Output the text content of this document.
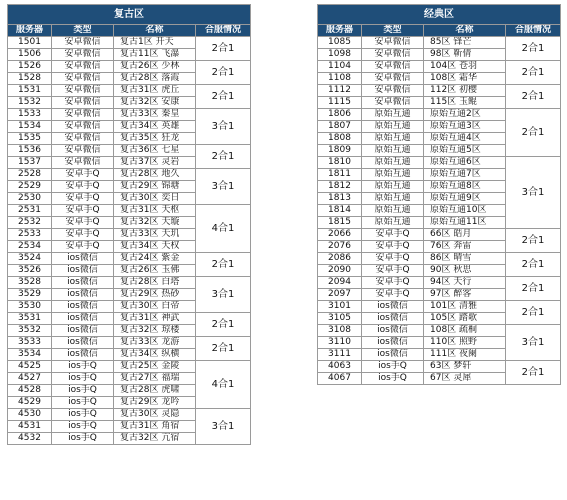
复古区			
服务器	类型	名称	合服情况
1501	安卓微信	复古1区 开天	2合1
1506	安卓微信	复古11区 飞瀑	
1526	安卓微信	复古26区 少林	2合1
1528	安卓微信	复古28区 落霞	
1531	安卓微信	复古31区 虎丘	2合1
1532	安卓微信	复古32区 安康	
1533	安卓微信	复古33区 秦皇	3合1
1534	安卓微信	复古34区 英雄	
1535	安卓微信	复古35区 狂龙	
1536	安卓微信	复古36区 七星	2合1
1537	安卓微信	复古37区 灵岩	
2528	安卓手Q	复古28区 地久	3合1
2529	安卓手Q	复古29区 锦塘	
2530	安卓手Q	复古30区 奕日	
2531	安卓手Q	复古31区 天枢	4合1
2532	安卓手Q	复古32区 天璇	
2533	安卓手Q	复古33区 天玑	
2534	安卓手Q	复古34区 天权	
3524	ios微信	复古24区 紫金	2合1
3526	ios微信	复古26区 玉佛	
3528	ios微信	复古28区 白塔	3合1
3529	ios微信	复古29区 热砂	
3530	ios微信	复古30区 白帝	
3531	ios微信	复古31区 神武	2合1
3532	ios微信	复古32区 琼楼	
3533	ios微信	复古33区 龙游	2合1
3534	ios微信	复古34区 纵横	
4525	ios手Q	复古25区 金陵	4合1
4527	ios手Q	复古27区 福瑞	
4528	ios手Q	复古28区 虎啸	
4529	ios手Q	复古29区 龙吟	
4530	ios手Q	复古30区 灵隐	3合1
4531	ios手Q	复古31区 角宿	
4532	ios手Q	复古32区 亢宿	
经典区			
服务器	类型	名称	合服情况
1085	安卓微信	85区 锋芒	2合1
1098	安卓微信	98区 靳倩	
1104	安卓微信	104区 苍羽	2合1
1108	安卓微信	108区 霜华	
1112	安卓微信	112区 初樱	2合1
1115	安卓微信	115区 玉鲲	
1806	原始互通	原始互通2区	2合1
1807	原始互通	原始互通3区	
1808	原始互通	原始互通4区	
1809	原始互通	原始互通5区	
1810	原始互通	原始互通6区	3合1
1811	原始互通	原始互通7区	
1812	原始互通	原始互通8区	
1813	原始互通	原始互通9区	
1814	原始互通	原始互通10区	
1815	原始互通	原始互通11区	
2066	安卓手Q	66区 皓月	2合1
2076	安卓手Q	76区 奔雷	
2086	安卓手Q	86区 晴雪	2合1
2090	安卓手Q	90区 秋思	
2094	安卓手Q	94区 天行	2合1
2097	安卓手Q	97区 醉客	
3101	ios微信	101区 清雅	2合1
3105	ios微信	105区 踏歌	
3108	ios微信	108区 疏桐	3合1
3110	ios微信	110区 照野	
3111	ios微信	111区 夜阑	
4063	ios手Q	63区 梦轩	2合1
4067	ios手Q	67区 灵犀	
